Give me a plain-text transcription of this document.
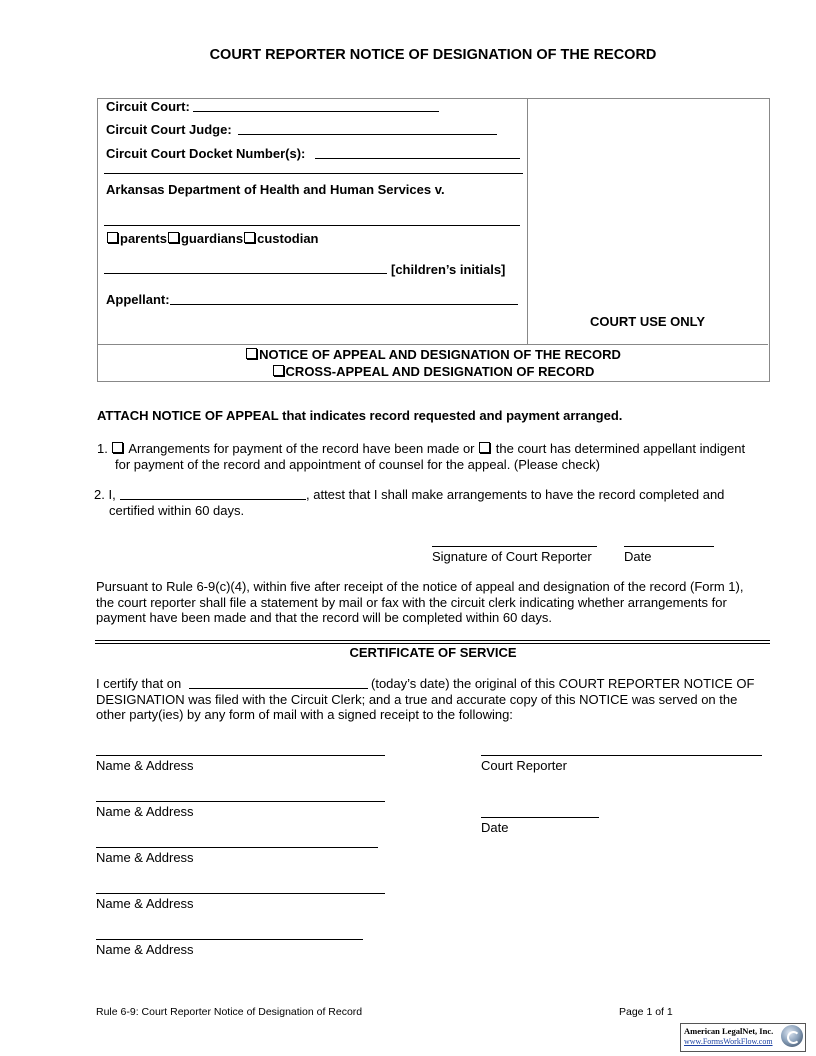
COURT REPORTER NOTICE OF DESIGNATION OF THE RECORD
Circuit Court:
Circuit Court Judge:
Circuit Court Docket Number(s):
Arkansas Department of Health and Human Services v.
parents guardians custodian
[children’s initials]
Appellant:
COURT USE ONLY
NOTICE OF APPEAL AND DESIGNATION OF THE RECORD
CROSS-APPEAL AND DESIGNATION OF RECORD
ATTACH NOTICE OF APPEAL that indicates record requested and payment arranged.
1. Arrangements for payment of the record have been made or the court has determined appellant indigent
for payment of the record and appointment of counsel for the appeal. (Please check)
2. I,	, attest that I shall make arrangements to have the record completed and
certified within 60 days.
Signature of Court Reporter Date
Pursuant to Rule 6-9(c)(4), within five after receipt of the notice of appeal and designation of the record (Form 1),
the court reporter shall file a statement by mail or fax with the circuit clerk indicating whether arrangements for
payment have been made and that the record will be completed within 60 days.
CERTIFICATE OF SERVICE
I certify that on	(today’s date) the original of this COURT REPORTER NOTICE OF
DESIGNATION was filed with the Circuit Clerk; and a true and accurate copy of this NOTICE was served on the
other party(ies) by any form of mail with a signed receipt to the following:
Name & Address	Court Reporter
Name & Address
Date
Name & Address
Name & Address
Name & Address
Rule 6-9: Court Reporter Notice of Designation of Record	Page 1 of 1
American LegalNet, Inc.
www.FormsWorkFlow.com
